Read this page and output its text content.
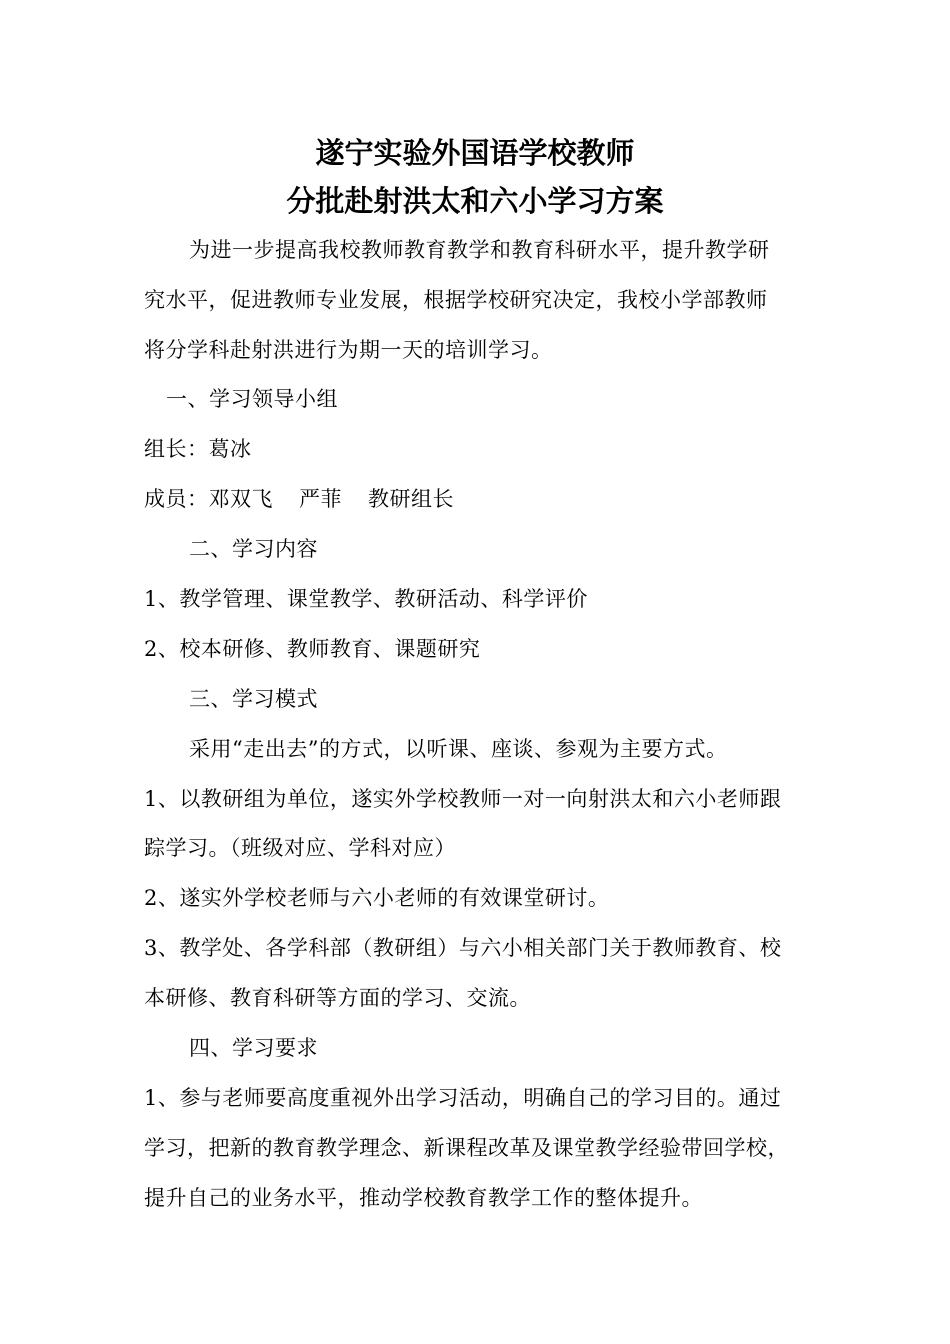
遂宁实验外国语学校教师
分批赴射洪太和六小学习方案
为进一步提高我校教师教育教学和教育科研水平，提升教学研
究水平，促进教师专业发展，根据学校研究决定，我校小学部教师
将分学科赴射洪进行为期一天的培训学习。
一、学习领导小组
组长：葛冰
成员：邓双飞 严菲 教研组长
二、学习内容
1、教学管理、课堂教学、教研活动、科学评价
2、校本研修、教师教育、课题研究
三、学习模式
采用“走出去”的方式，以听课、座谈、参观为主要方式。
1、以教研组为单位，遂实外学校教师一对一向射洪太和六小老师跟
踪学习。（班级对应、学科对应）
2、遂实外学校老师与六小老师的有效课堂研讨。
3、教学处、各学科部（教研组）与六小相关部门关于教师教育、校
本研修、教育科研等方面的学习、交流。
四、学习要求
1、参与老师要高度重视外出学习活动，明确自己的学习目的。通过
学习，把新的教育教学理念、新课程改革及课堂教学经验带回学校，
提升自己的业务水平，推动学校教育教学工作的整体提升。
